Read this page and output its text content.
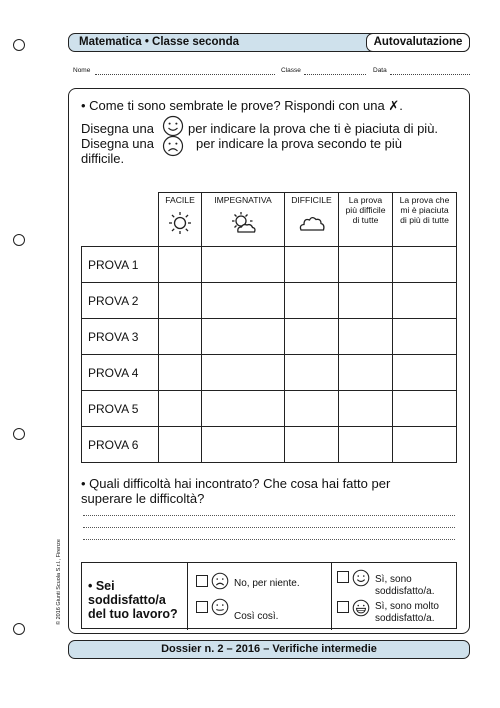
Matematica • Classe seconda	Autovalutazione
Nome	Classe	Data
• Come ti sono sembrate le prove? Rispondi con una ✗.
Disegna una	per indicare la prova che ti è piaciuta di più.
Disegna una	per indicare la prova secondo te più
difficile.

	FACILE	IMPEGNATIVA	DIFFICILE	La prova più difficile di tutte	La prova che mi è piaciuta di più di tutte

PROVA 1					
PROVA 2					
PROVA 3					
PROVA 4					
PROVA 5					
PROVA 6					
• Quali difficoltà hai incontrato? Che cosa hai fatto per
superare le difficoltà?
• Sei
soddisfatto/a
del tuo lavoro?
No, per niente.
Così così.
Sì, sono soddisfatto/a.
Sì, sono molto soddisfatto/a.
© 2016 Giunti Scuola S.r.l., Firenze
Dossier n. 2 – 2016 – Verifiche intermedie
